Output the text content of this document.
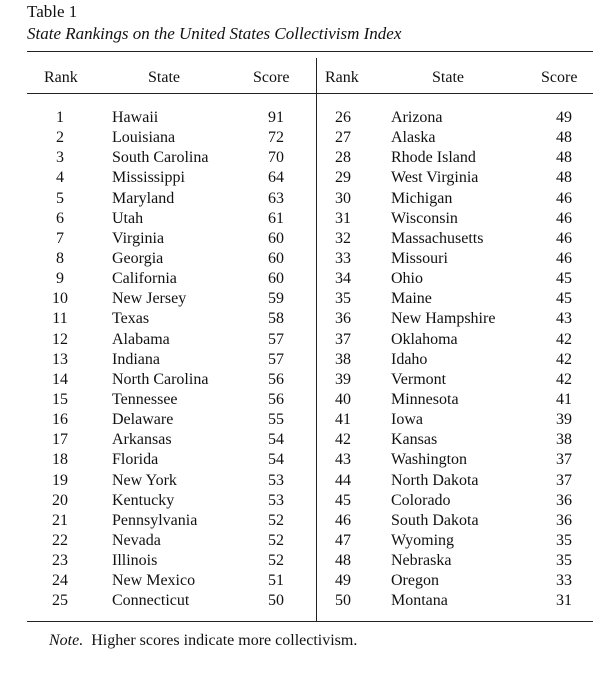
Table 1
State Rankings on the United States Collectivism Index
Rank	State	Score Rank	State	Score
1	Hawaii	91	26	Arizona	49
2	Louisiana	72	27	Alaska	48
3	South Carolina	70	28	Rhode Island	48
4	Mississippi	64	29	West Virginia	48
5	Maryland	63	30	Michigan	46
6	Utah	61	31	Wisconsin	46
7	Virginia	60	32	Massachusetts	46
8	Georgia	60	33	Missouri	46
9	California	60	34	Ohio	45
10	New Jersey	59	35	Maine	45
11	Texas	58	36	New Hampshire	43
12	Alabama	57	37	Oklahoma	42
13	Indiana	57	38	Idaho	42
14	North Carolina	56	39	Vermont	42
15	Tennessee	56	40	Minnesota	41
16	Delaware	55	41	Iowa	39
17	Arkansas	54	42	Kansas	38
18	Florida	54	43	Washington	37
19	New York	53	44	North Dakota	37
20	Kentucky	53	45	Colorado	36
21	Pennsylvania	52	46	South Dakota	36
22	Nevada	52	47	Wyoming	35
23	Illinois	52	48	Nebraska	35
24	New Mexico	51	49	Oregon	33
25	Connecticut	50	50	Montana	31
Note. Higher scores indicate more collectivism.
